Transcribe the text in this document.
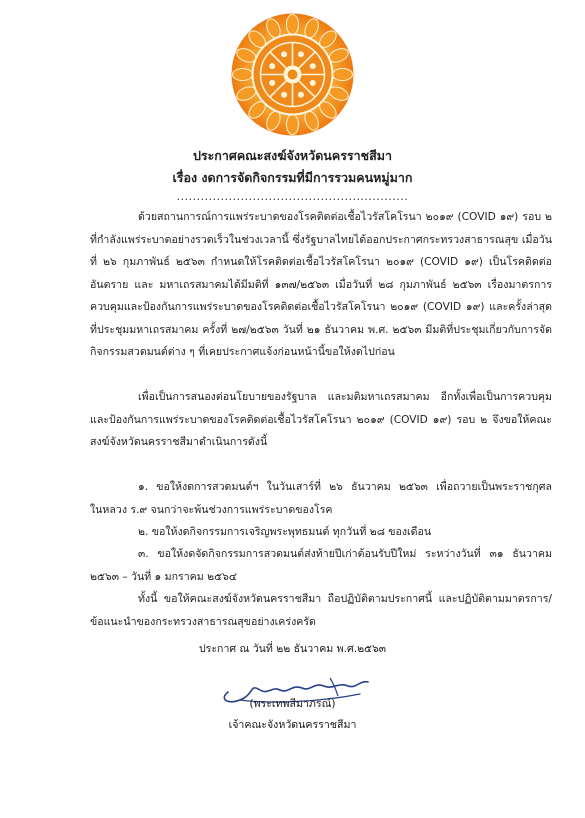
ประกาศคณะสงฆ์จังหวัดนครราชสีมา
เรื่อง งดการจัดกิจกรรมที่มีการรวมคนหมู่มาก
..........................................................

ด้วยสถานการณ์การแพร่ระบาดของโรคติดต่อเชื้อไวรัสโคโรนา ๒๐๑๙ (COVID ๑๙) รอบ ๒ ที่กำลังแพร่ระบาดอย่างรวดเร็วในช่วงเวลานี้ ซึ่งรัฐบาลไทยได้ออกประกาศกระทรวงสาธารณสุข เมื่อวันที่ ๒๖ กุมภาพันธ์ ๒๕๖๓ กำหนดให้โรคติดต่อเชื้อไวรัสโคโรนา ๒๐๑๙ (COVID ๑๙) เป็นโรคติดต่ออันตราย และ มหาเถรสมาคมได้มีมติที่ ๑๓๗/๒๕๖๓ เมื่อวันที่ ๒๘ กุมภาพันธ์ ๒๕๖๓ เรื่องมาตรการควบคุมและป้องกันการแพร่ระบาดของโรคติดต่อเชื้อไวรัสโคโรนา ๒๐๑๙ (COVID ๑๙) และครั้งล่าสุดที่ประชุมมหาเถรสมาคม ครั้งที่ ๒๗/๒๕๖๓ วันที่ ๒๑ ธันวาคม พ.ศ. ๒๕๖๓ มีมติที่ประชุมเกี่ยวกับการจัดกิจกรรมสวดมนต์ต่าง ๆ ที่เคยประกาศแจ้งก่อนหน้านี้ขอให้งดไปก่อน

เพื่อเป็นการสนองต่อนโยบายของรัฐบาล และมติมหาเถรสมาคม อีกทั้งเพื่อเป็นการควบคุมและป้องกันการแพร่ระบาดของโรคติดต่อเชื้อไวรัสโคโรนา ๒๐๑๙ (COVID ๑๙) รอบ ๒ จึงขอให้คณะสงฆ์จังหวัดนครราชสีมาดำเนินการดังนี้

๑. ขอให้งดการสวดมนต์ฯ ในวันเสาร์ที่ ๒๖ ธันวาคม ๒๕๖๓ เพื่อถวายเป็นพระราชกุศล ในหลวง ร.๙ จนกว่าจะพ้นช่วงการแพร่ระบาดของโรค

๒. ขอให้งดกิจกรรมการเจริญพระพุทธมนต์ ทุกวันที่ ๒๘ ของเดือน

๓. ขอให้งดจัดกิจกรรมการสวดมนต์ส่งท้ายปีเก่าต้อนรับปีใหม่ ระหว่างวันที่ ๓๑ ธันวาคม ๒๕๖๓ – วันที่ ๑ มกราคม ๒๕๖๔

ทั้งนี้ ขอให้คณะสงฆ์จังหวัดนครราชสีมา ถือปฏิบัติตามประกาศนี้ และปฏิบัติตามมาตรการ/ข้อแนะนำของกระทรวงสาธารณสุขอย่างเคร่งครัด

ประกาศ ณ วันที่ ๒๒ ธันวาคม พ.ศ.๒๕๖๓
(พระเทพสีมาภรณ์)
เจ้าคณะจังหวัดนครราชสีมา
